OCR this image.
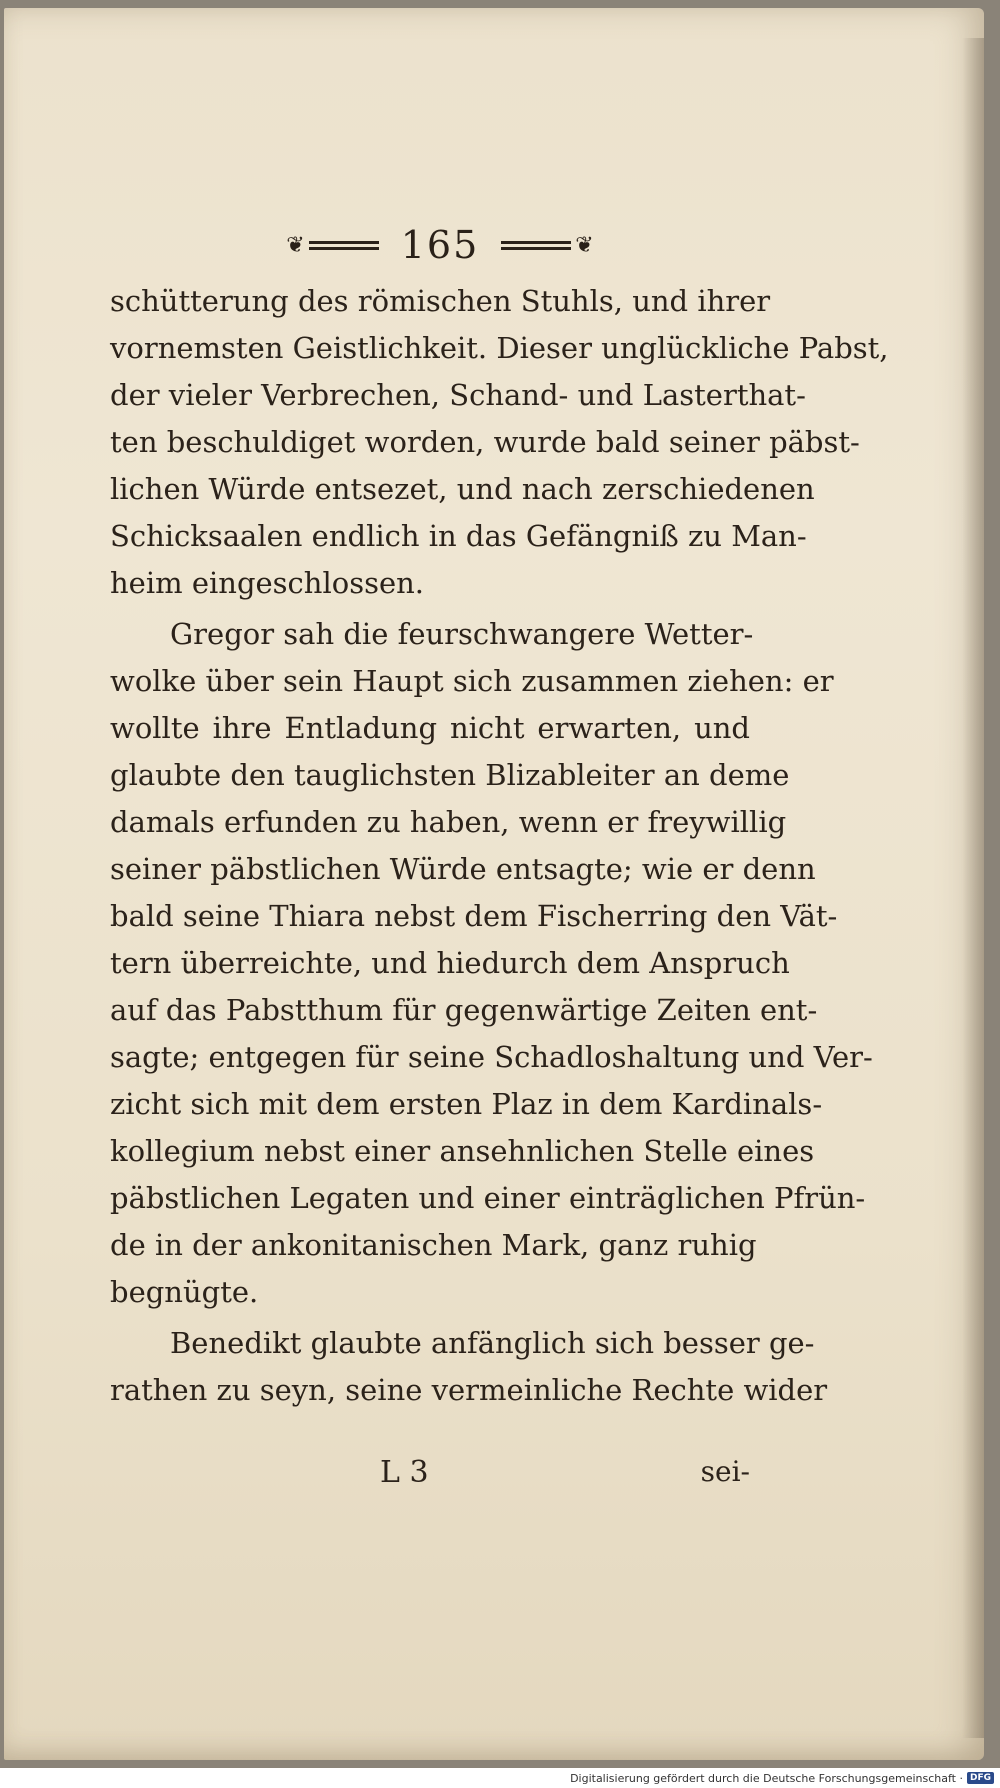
❦	165	❦
schütterung des römischen Stuhls, und ihrer
vornemsten Geistlichkeit. Dieser unglückliche Pabst,
der vieler Verbrechen, Schand- und Lasterthat-
ten beschuldiget worden, wurde bald seiner päbst-
lichen Würde entsezet, und nach zerschiedenen
Schicksaalen endlich in das Gefängniß zu Man-
heim eingeschlossen.
Gregor sah die feurschwangere Wetter-
wolke über sein Haupt sich zusammen ziehen: er
wollte ihre Entladung nicht erwarten, und
glaubte den tauglichsten Blizableiter an deme
damals erfunden zu haben, wenn er freywillig
seiner päbstlichen Würde entsagte; wie er denn
bald seine Thiara nebst dem Fischerring den Vät-
tern überreichte, und hiedurch dem Anspruch
auf das Pabstthum für gegenwärtige Zeiten ent-
sagte; entgegen für seine Schadloshaltung und Ver-
zicht sich mit dem ersten Plaz in dem Kardinals-
kollegium nebst einer ansehnlichen Stelle eines
päbstlichen Legaten und einer einträglichen Pfrün-
de in der ankonitanischen Mark, ganz ruhig
begnügte.
Benedikt glaubte anfänglich sich besser ge-
rathen zu seyn, seine vermeinliche Rechte wider
L 3	sei-
Digitalisierung gefördert durch die Deutsche Forschungsgemeinschaft · DFG
